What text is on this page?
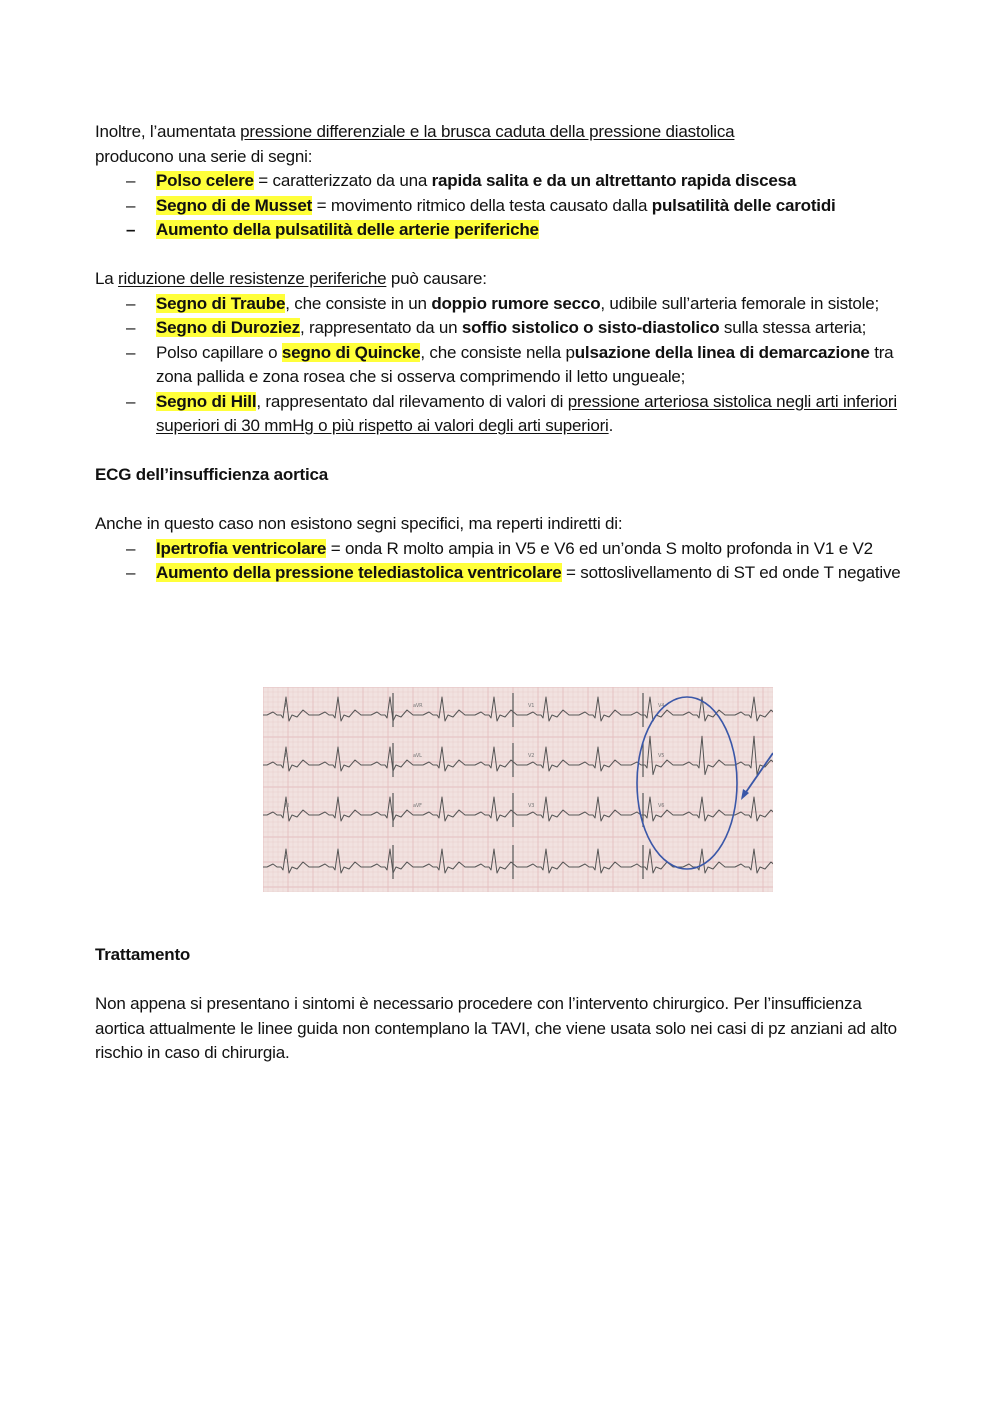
Inoltre, l’aumentata pressione differenziale e la brusca caduta della pressione diastolica

producono una serie di segni:

– Polso celere = caratterizzato da una rapida salita e da un altrettanto rapida discesa
– Segno di de Musset = movimento ritmico della testa causato dalla pulsatilità delle carotidi
– Aumento della pulsatilità delle arterie periferiche

La riduzione delle resistenze periferiche può causare:

– Segno di Traube, che consiste in un doppio rumore secco, udibile sull’arteria femorale in sistole;
– Segno di Duroziez, rappresentato da un soffio sistolico o sisto-diastolico sulla stessa arteria;
– Polso capillare o segno di Quincke, che consiste nella pulsazione della linea di demarcazione tra zona pallida e zona rosea che si osserva comprimendo il letto ungueale;
– Segno di Hill, rappresentato dal rilevamento di valori di pressione arteriosa sistolica negli arti inferiori superiori di 30 mmHg o più rispetto ai valori degli arti superiori.

ECG dell’insufficienza aortica

Anche in questo caso non esistono segni specifici, ma reperti indiretti di:

– Ipertrofia ventricolare = onda R molto ampia in V5 e V6 ed un’onda S molto profonda in V1 e V2
– Aumento della pressione telediastolica ventricolare = sottoslivellamento di ST ed onde T negative
I
II
III
aVR
aVL
aVF
V1
V2
V3
V4
V5
V6
II

Trattamento

Non appena si presentano i sintomi è necessario procedere con l’intervento chirurgico. Per l’insufficienza aortica attualmente le linee guida non contemplano la TAVI, che viene usata solo nei casi di pz anziani ad alto rischio in caso di chirurgia.
